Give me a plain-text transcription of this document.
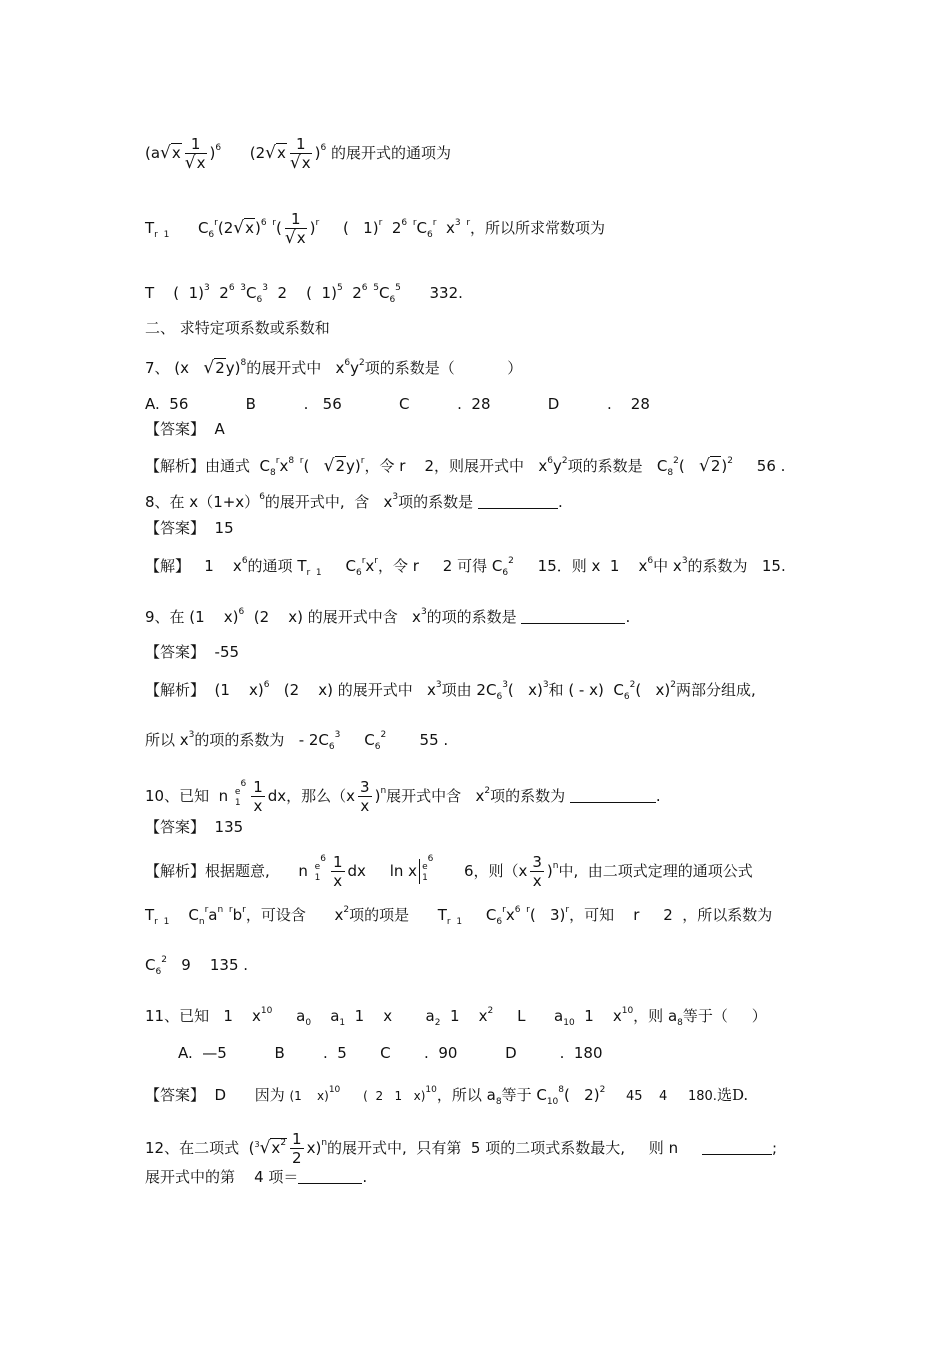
$(a√x \frac{1}{√x} )^6$ $(2√x \frac{1}{√x} )^6$ 的展开式的通项为
$T_{r 1}$ $C_6^r(2√x)^{6 r}( \frac{1}{√x} )^r$ (   1)$^r$  $2^{6 r}C_6^r$ $x^{3 r}$，所以所求常数项为
T    (  1)$^3$  $2^{6 3}C_6^3$  2    (  1)$^5$  $2^{6 5}C_6^5$      332.
二、 求特定项系数或系数和
7、 (x   √2y)$^8$的展开式中   $x^6y^2$项的系数是（           ）
A.  56            B          .   56            C          .  28            D          .    28
【答案】  A
【解析】由通式  $C_8^rx^{8 r}$(   √2y)$^r$，令 r    2，则展开式中   $x^6y^2$项的系数是   $C_8^2$(   √2)$^2$     56 .
8、在 $x(1+x)^6$的展开式中,  含   $x^3$项的系数是	.
【答案】  15
【解】   1    $x^6$的通项 $T_{r 1}$     $C_6^rx^r$，令 r     2 可得 $C_6^2$     15．则 x  1    $x^6$中 $x^3$的系数为   15.
9、在 (1    x)$^6$  (2    x) 的展开式中含   $x^3$的项的系数是	.
【答案】  -55
【解析】  (1    x)$^6$   (2    x) 的展开式中   $x^3$项由 $2C_6^3$(   x)$^3$和 ( - x)  $C_6^2$(   x)$^2$两部分组成,
所以 $x^3$的项的系数为   - $2C_6^3$     $C_6^2$       55 .
10、已知  n $e^6$
$1 \frac{1}{x}$ dx，那么$(x \frac{3}{x} )^n$展开式中含   $x^2$项的系数为	.
【答案】  135
【解析】根据题意,      n $e^6$
$1 \frac{1}{x}$ dx     ln x $e^6$
1      6，则$(x \frac{3}{x} )^n$中,  由二项式定理的通项公式
$T_{r 1}$    $C_n^ra^{n r}b^r$，可设含      $x^2$项的项是      $T_{r 1}$     $C_6^rx^{6 r}$(   3)$^r$，可知    r     2  ，所以系数为
$C_6^2$   9    135 .
11、已知   1    $x^{10}$     $a_0$    $a_1$  1    x       $a_2$  1    $x^2$     L      $a_{10}$  1    $x^{10}$，则 $a_8$等于（     ）
A.  —5          B        .  5       C       .  90          D         .  180
【答案】  D      因为 (1    x)$^{10}$      (  2   1   x)$^{10}$，所以 $a_8$等于 $C_{10}^8$(   2)$^2$     45    4     180.选D.
12、在二项式  $(^3√x^2 \frac{1}{2} x)^n$的展开式中,  只有第  5 项的二项式系数最大,     则 n	;
展开式中的第    4 项＝	.
